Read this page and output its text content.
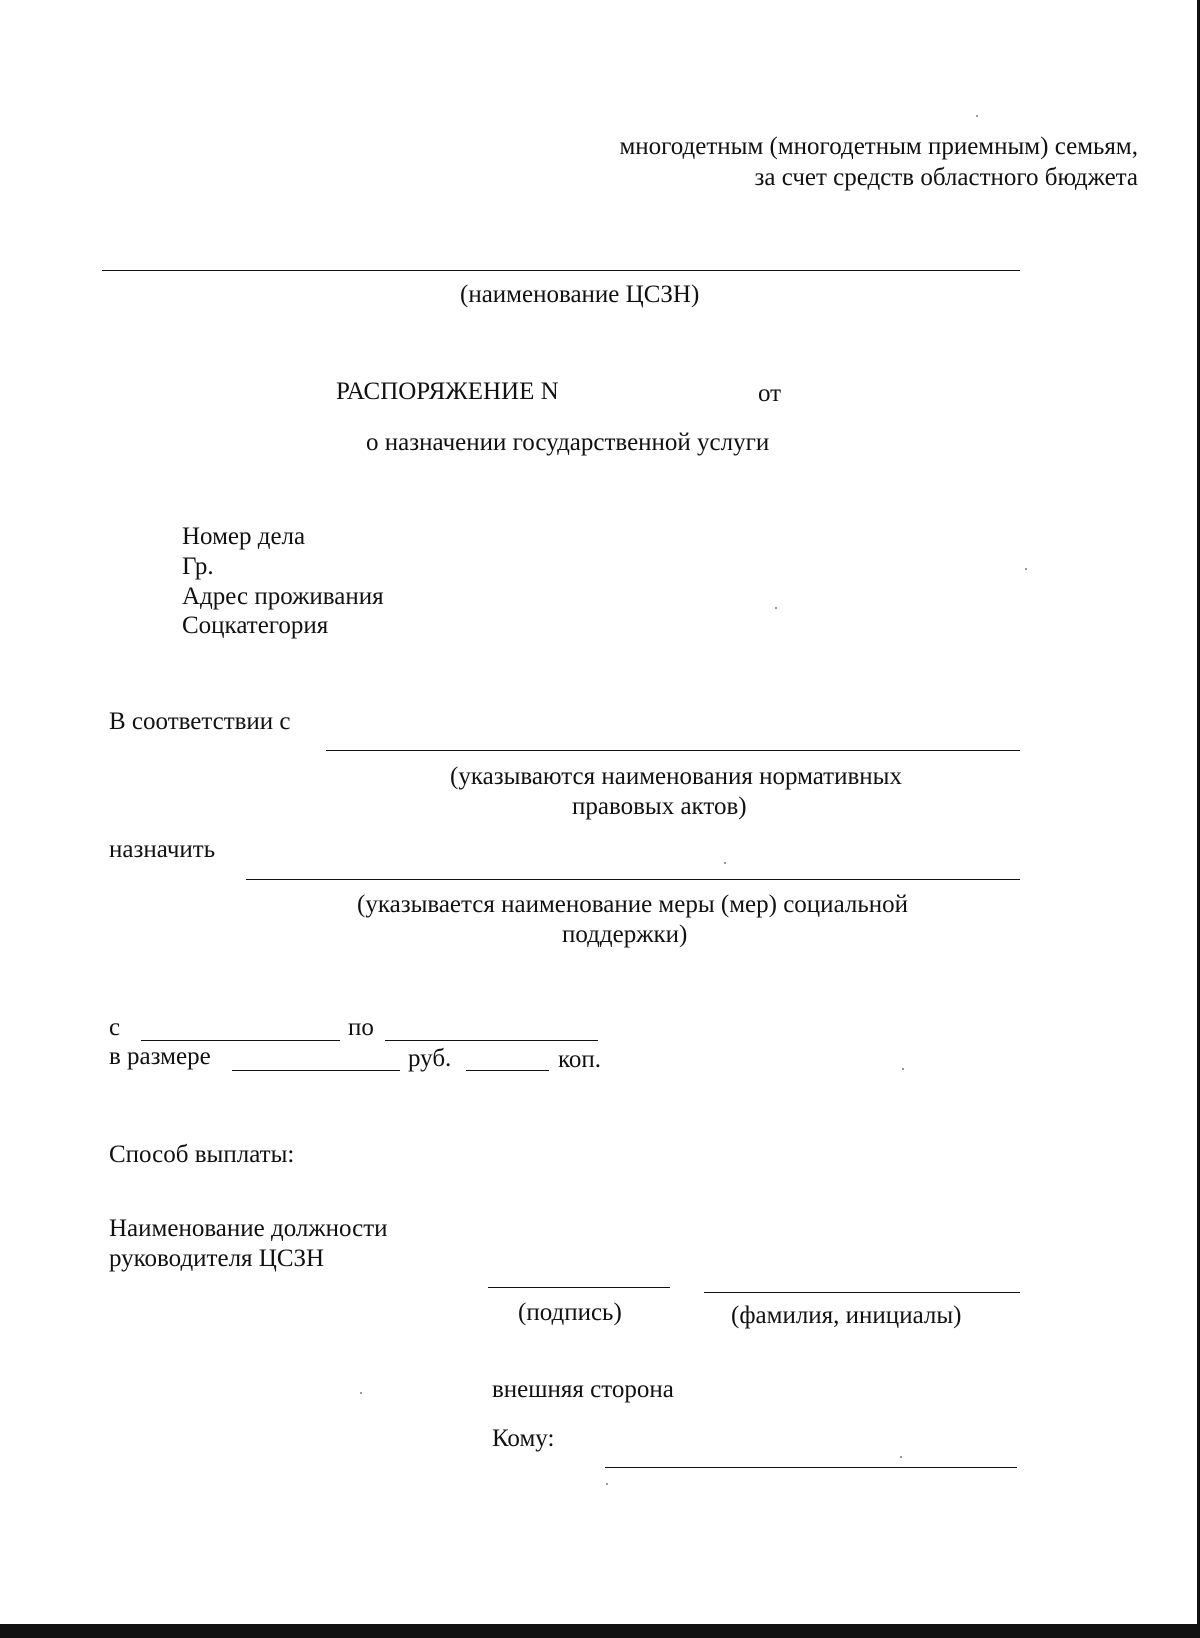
многодетным (многодетным приемным) семьям,
за счет средств областного бюджета
(наименование ЦСЗН)
РАСПОРЯЖЕНИЕ N	от
о назначении государственной услуги
Номер дела
Гр.
Адрес проживания
Соцкатегория
В соответствии с
(указываются наименования нормативных
правовых актов)
назначить
(указывается наименование меры (мер) социальной
поддержки)
с	по
в размере	руб.	коп.
Способ выплаты:
Наименование должности
руководителя ЦСЗН
(подпись)	(фамилия, инициалы)
внешняя сторона
Кому:
